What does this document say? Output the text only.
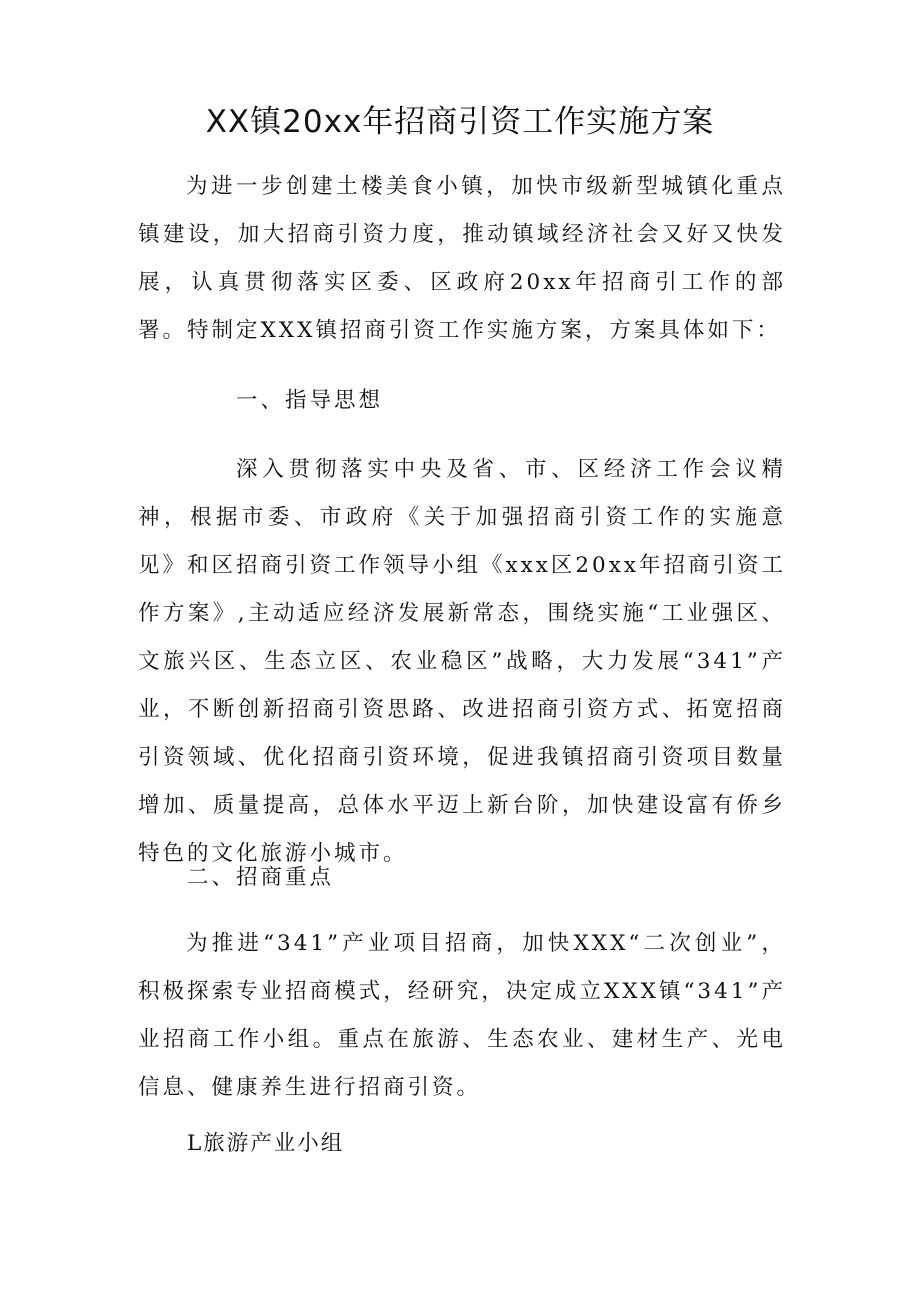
XX镇20xx年招商引资工作实施方案

为进一步创建土楼美食小镇，加快市级新型城镇化重点镇建设，加大招商引资力度，推动镇域经济社会又好又快发展，认真贯彻落实区委、区政府20xx年招商引工作的部署。特制定XXX镇招商引资工作实施方案，方案具体如下：

一、指导思想

深入贯彻落实中央及省、市、区经济工作会议精神，根据市委、市政府《关于加强招商引资工作的实施意见》和区招商引资工作领导小组《xxx区20xx年招商引资工作方案》,主动适应经济发展新常态，围绕实施“工业强区、文旅兴区、生态立区、农业稳区”战略，大力发展“341”产业，不断创新招商引资思路、改进招商引资方式、拓宽招商引资领域、优化招商引资环境，促进我镇招商引资项目数量增加、质量提高，总体水平迈上新台阶，加快建设富有侨乡特色的文化旅游小城市。

二、招商重点

为推进“341”产业项目招商，加快XXX“二次创业”，积极探索专业招商模式，经研究，决定成立XXX镇“341”产业招商工作小组。重点在旅游、生态农业、建材生产、光电信息、健康养生进行招商引资。

L旅游产业小组
